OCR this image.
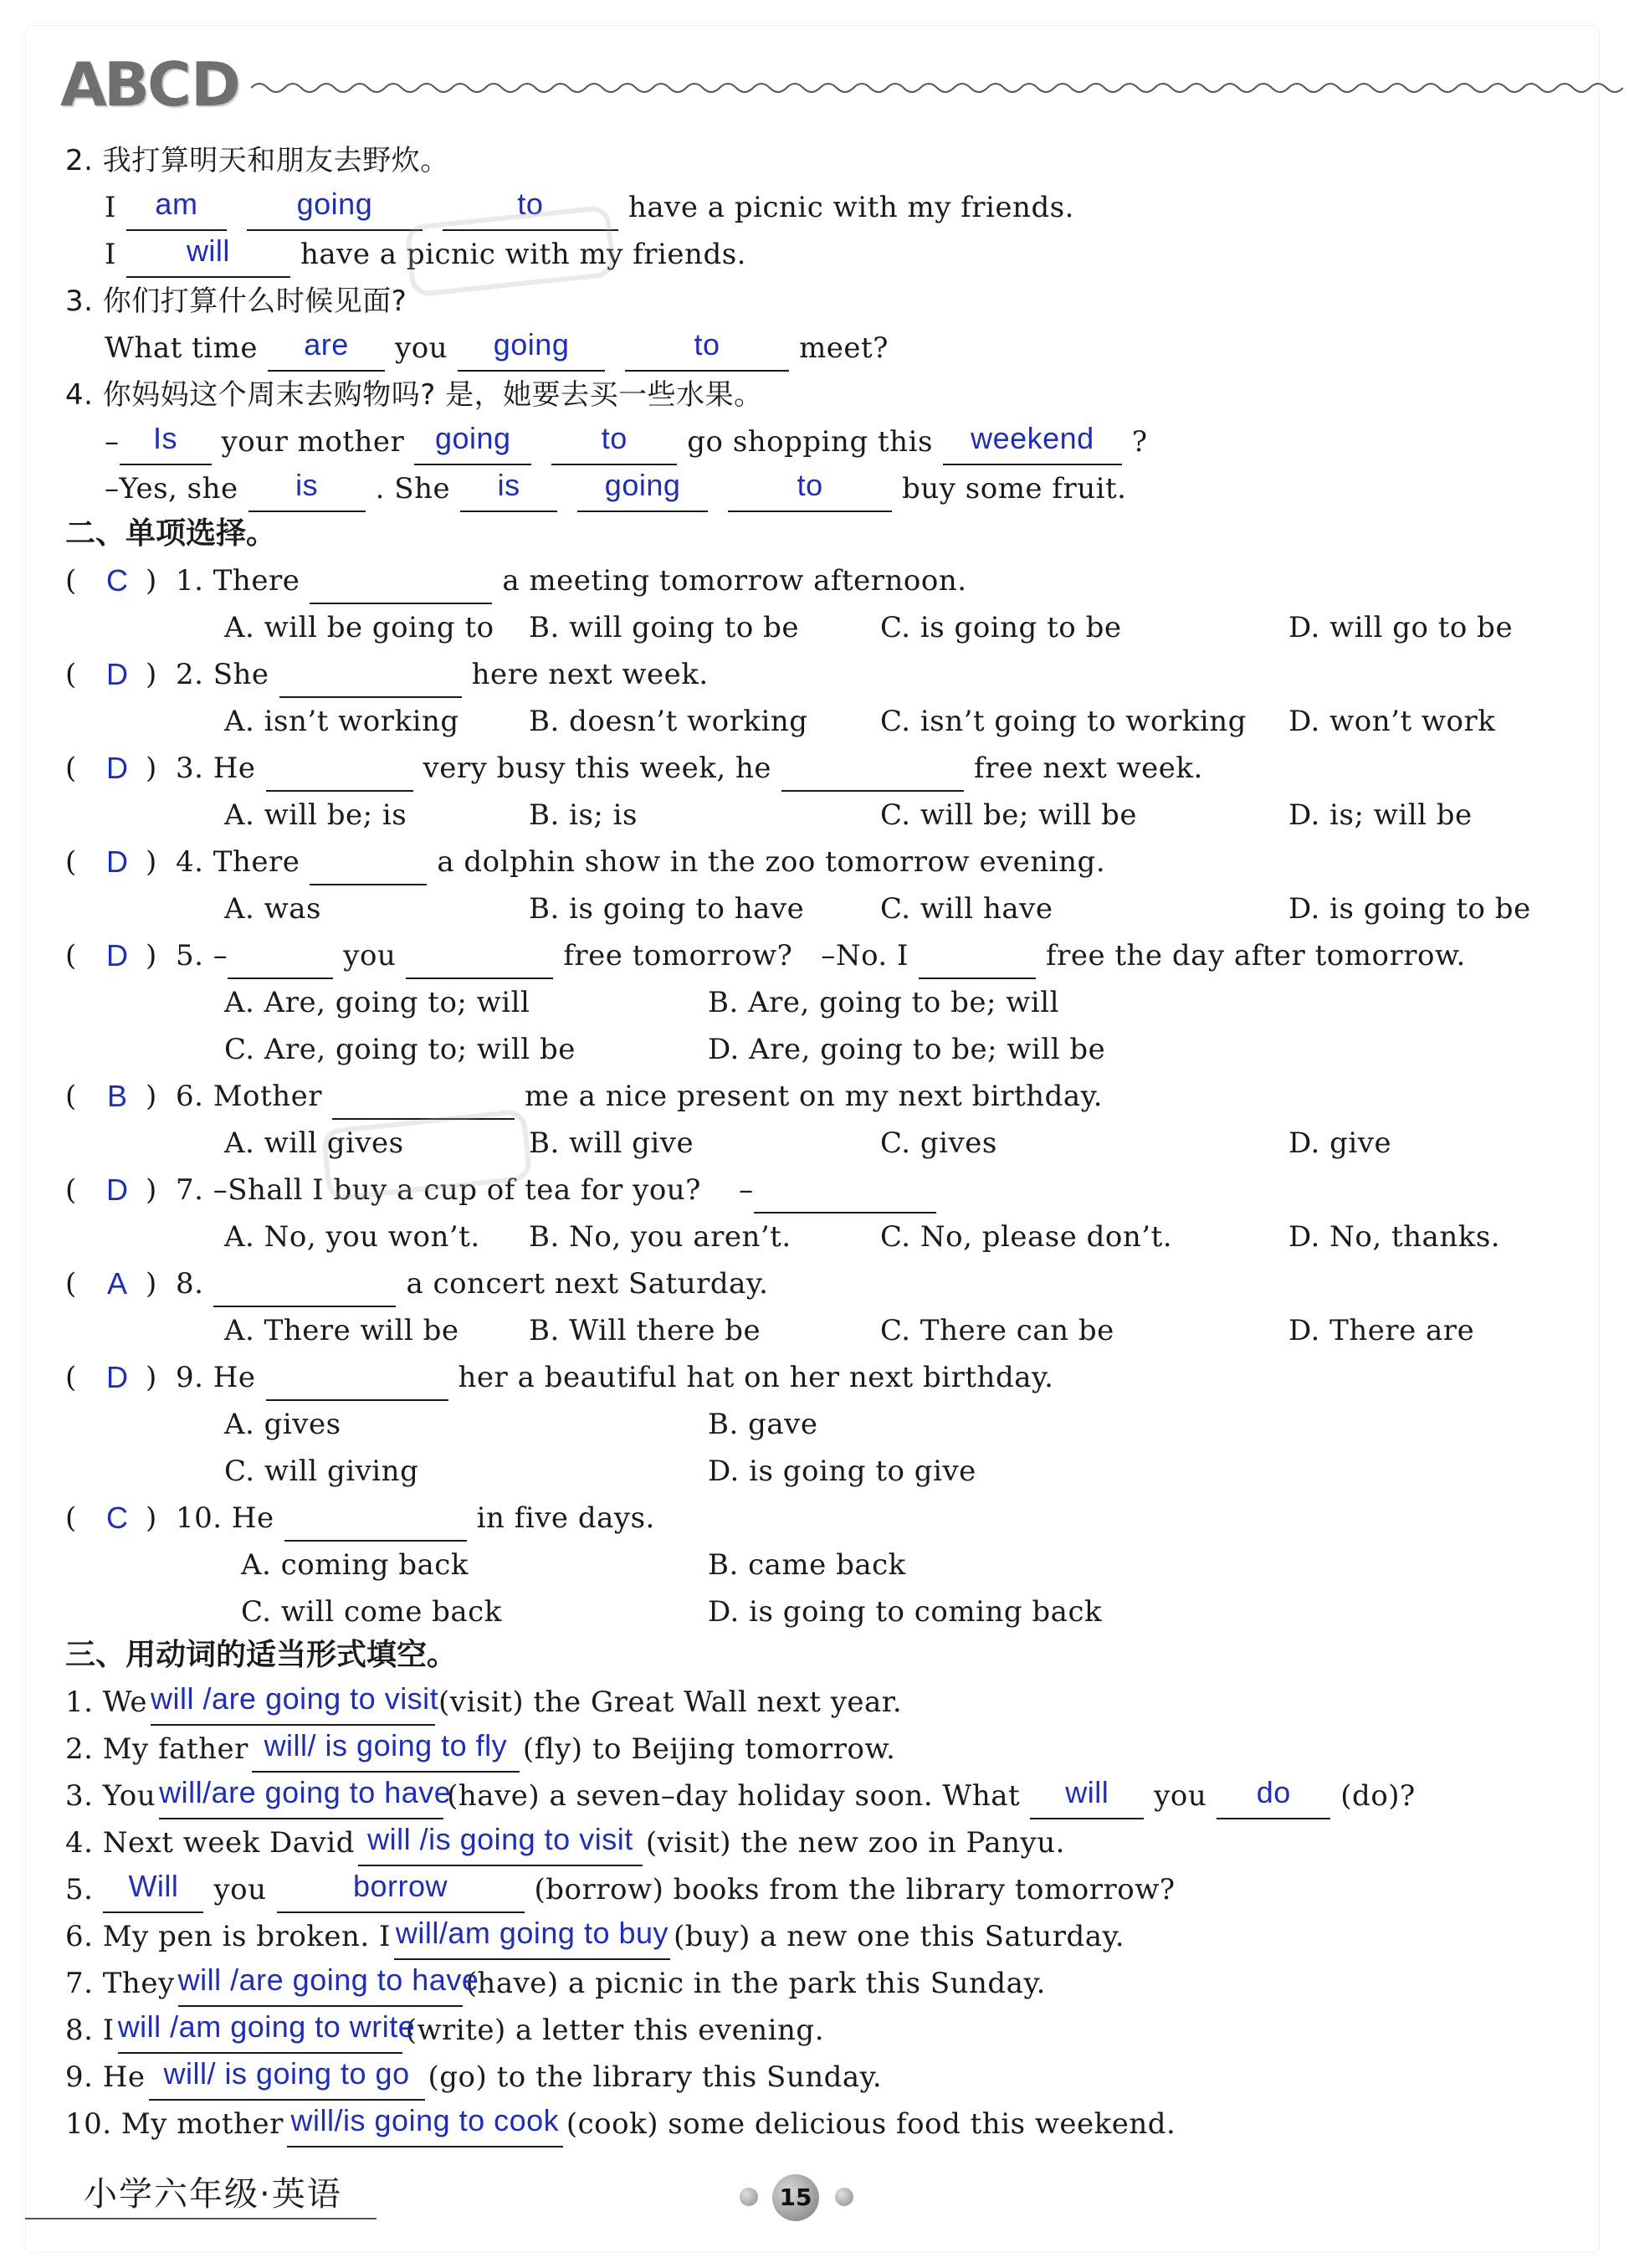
A
B
C D
2. 我打算明天和朋友去野炊。
I	am	going	to	have a picnic with my friends.
I	will	have a picnic with my friends.
3. 你们打算什么时候见面?
What time	are	you	going	to	meet?
4. 你妈妈这个周末去购物吗? 是，她要去买一些水果。
–	Is	your mother	going	to	go shopping this	weekend	?
–Yes, she	is	. She	is	going	to	buy some fruit.
二、单项选择。
( C ) 1. There	a meeting tomorrow afternoon.
A. will be going to B. will going to be	C. is going to be	D. will go to be
( D ) 2. She	here next week.
A. isn’t working B. doesn’t working	C. isn’t going to working D. won’t work
( D ) 3. He	very busy this week, he	free next week.
A. will be; is	B. is; is	C. will be; will be	D. is; will be
( D ) 4. There	a dolphin show in the zoo tomorrow evening.
A. was	B. is going to have	C. will have	D. is going to be
( D ) 5. –	you	free tomorrow? –No. I	free the day after tomorrow.
A. Are, going to; will	B. Are, going to be; will
C. Are, going to; will be	D. Are, going to be; will be
( B ) 6. Mother	me a nice present on my next birthday.
A. will gives	B. will give	C. gives	D. give
( D ) 7. –Shall I buy a cup of tea for you? –
A. No, you won’t. B. No, you aren’t.	C. No, please don’t.	D. No, thanks.
( A ) 8.	a concert next Saturday.
A. There will be B. Will there be	C. There can be	D. There are
( D ) 9. He	her a beautiful hat on her next birthday.
A. gives	B. gave
C. will giving	D. is going to give
( C ) 10. He	in five days.
A. coming back	B. came back
C. will come back	D. is going to coming back
三、用动词的适当形式填空。
1. We will /are going to visit (visit) the Great Wall next year.
2. My father will/ is going to fly (fly) to Beijing tomorrow.
3. You will/are going to have
(have) a seven–day holiday soon. What	will	you	do	(do)?
4. Next week David will /is going to visit (visit) the new zoo in Panyu.
5.	Will	you	borrow	(borrow) books from the library tomorrow?
6. My pen is broken. I will/am going to buy (buy) a new one this Saturday.
7. They will /are going to have
(have) a picnic in the park this Sunday.
8. I will /am going to write
(write) a letter this evening.
9. He will/ is going to go (go) to the library this Sunday.
10. My mother will/is going to cook (cook) some delicious food this weekend.
小学六年级·英语	15
